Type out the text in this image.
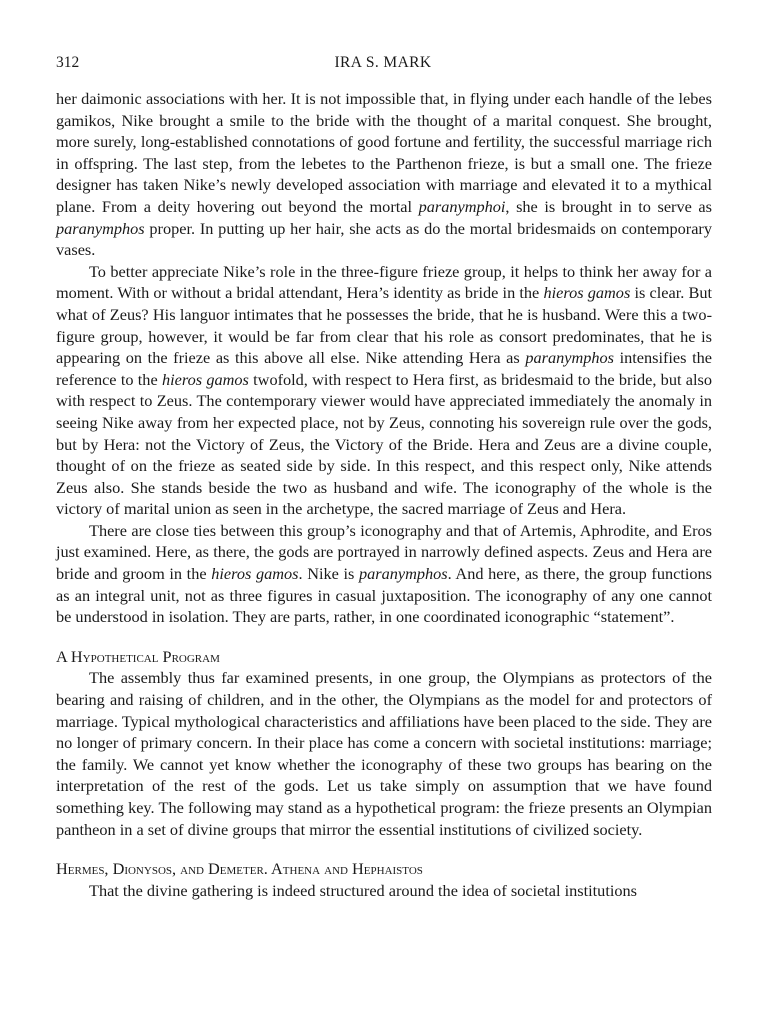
312	IRA S. MARK

her daimonic associations with her. It is not impossible that, in flying under each handle of the lebes gamikos, Nike brought a smile to the bride with the thought of a marital conquest. She brought, more surely, long-established connotations of good fortune and fertility, the successful marriage rich in offspring. The last step, from the lebetes to the Parthenon frieze, is but a small one. The frieze designer has taken Nike’s newly developed association with marriage and elevated it to a mythical plane. From a deity hovering out beyond the mortal paranymphoi, she is brought in to serve as paranymphos proper. In putting up her hair, she acts as do the mortal bridesmaids on contemporary vases.

To better appreciate Nike’s role in the three-figure frieze group, it helps to think her away for a moment. With or without a bridal attendant, Hera’s identity as bride in the hieros gamos is clear. But what of Zeus? His languor intimates that he possesses the bride, that he is husband. Were this a two-figure group, however, it would be far from clear that his role as consort predominates, that he is appearing on the frieze as this above all else. Nike attending Hera as paranymphos intensifies the reference to the hieros gamos twofold, with respect to Hera first, as bridesmaid to the bride, but also with respect to Zeus. The contemporary viewer would have appreciated immediately the anomaly in seeing Nike away from her expected place, not by Zeus, connoting his sovereign rule over the gods, but by Hera: not the Victory of Zeus, the Victory of the Bride. Hera and Zeus are a divine couple, thought of on the frieze as seated side by side. In this respect, and this respect only, Nike attends Zeus also. She stands beside the two as husband and wife. The iconography of the whole is the victory of marital union as seen in the archetype, the sacred marriage of Zeus and Hera.

There are close ties between this group’s iconography and that of Artemis, Aphrodite, and Eros just examined. Here, as there, the gods are portrayed in narrowly defined aspects. Zeus and Hera are bride and groom in the hieros gamos. Nike is paranymphos. And here, as there, the group functions as an integral unit, not as three figures in casual juxtaposition. The iconography of any one cannot be understood in isolation. They are parts, rather, in one coordinated iconographic “statement”.

A Hypothetical Program

The assembly thus far examined presents, in one group, the Olympians as protectors of the bearing and raising of children, and in the other, the Olympians as the model for and protectors of marriage. Typical mythological characteristics and affiliations have been placed to the side. They are no longer of primary concern. In their place has come a concern with societal institutions: marriage; the family. We cannot yet know whether the iconography of these two groups has bearing on the interpretation of the rest of the gods. Let us take simply on assumption that we have found something key. The following may stand as a hypothetical program: the frieze presents an Olympian pantheon in a set of divine groups that mirror the essential institutions of civilized society.

Hermes, Dionysos, and Demeter. Athena and Hephaistos

That the divine gathering is indeed structured around the idea of societal institutions
